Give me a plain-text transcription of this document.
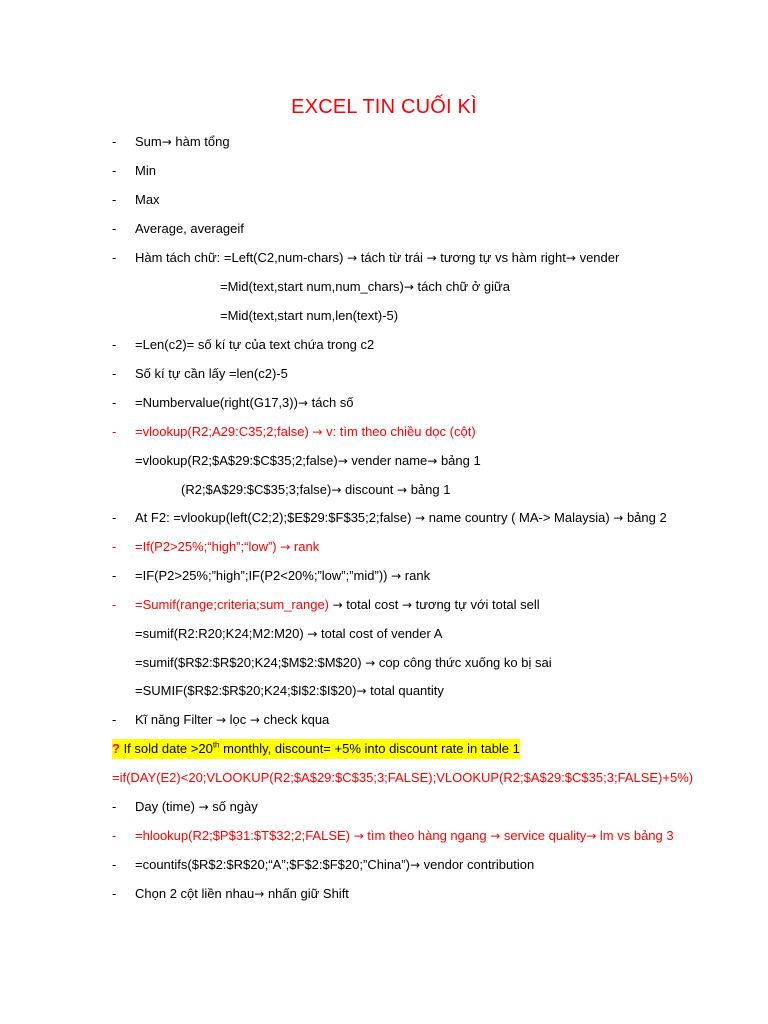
EXCEL TIN CUỐI KÌ
-	Sum→ hàm tổng
-	Min
-	Max
-	Average, averageif
-	Hàm tách chữ: =Left(C2,num-chars) → tách từ trái → tương tự vs hàm right→ vender
=Mid(text,start num,num_chars)→ tách chữ ở giữa
=Mid(text,start num,len(text)-5)
-	=Len(c2)= số kí tự của text chứa trong c2
-	Số kí tự cần lấy =len(c2)-5
-	=Numbervalue(right(G17,3))→ tách số
-	=vlookup(R2;A29:C35;2;false) → v: tìm theo chiều dọc (cột)
=vlookup(R2;$A$29:$C$35;2;false)→ vender name→ bảng 1
(R2;$A$29:$C$35;3;false)→ discount → bảng 1
-	At F2: =vlookup(left(C2;2);$E$29:$F$35;2;false) → name country ( MA-> Malaysia) → bảng 2
-	=If(P2>25%;“high”;“low”) → rank
-	=IF(P2>25%;”high”;IF(P2<20%;”low”;”mid”)) → rank
-	=Sumif(range;criteria;sum_range) → total cost → tương tự với total sell
=sumif(R2:R20;K24;M2:M20) → total cost of vender A
=sumif($R$2:$R$20;K24;$M$2:$M$20) → cop công thức xuống ko bị sai
=SUMIF($R$2:$R$20;K24;$I$2:$I$20)→ total quantity
-	Kĩ năng Filter → lọc → check kqua
? If sold date >20th monthly, discount= +5% into discount rate in table 1
=if(DAY(E2)<20;VLOOKUP(R2;$A$29:$C$35;3;FALSE);VLOOKUP(R2;$A$29:$C$35;3;FALSE)+5%)
-	Day (time) → số ngày
-	=hlookup(R2;$P$31:$T$32;2;FALSE) → tìm theo hàng ngang → service quality→ lm vs bảng 3
-	=countifs($R$2:$R$20;“A”;$F$2:$F$20;”China”)→ vendor contribution
-	Chọn 2 cột liền nhau→ nhấn giữ Shift
